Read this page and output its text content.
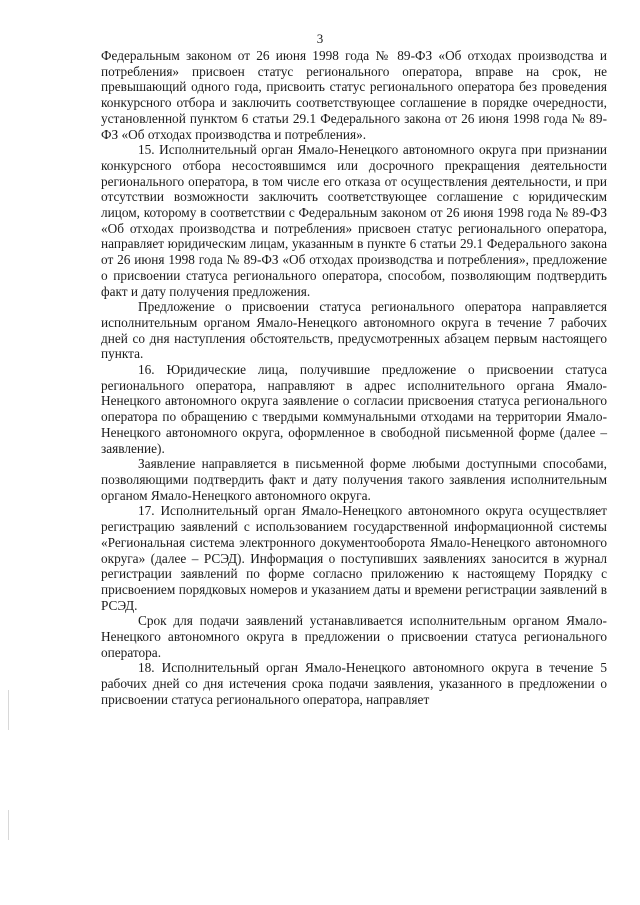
3

Федеральным законом от 26 июня 1998 года № 89-ФЗ «Об отходах производства и потребления» присвоен статус регионального оператора, вправе на срок, не превышающий одного года, присвоить статус регионального оператора без проведения конкурсного отбора и заключить соответствующее соглашение в порядке очередности, установленной пунктом 6 статьи 29.1 Федерального закона от 26 июня 1998 года № 89-ФЗ «Об отходах производства и потребления».

15. Исполнительный орган Ямало-Ненецкого автономного округа при признании конкурсного отбора несостоявшимся или досрочного прекращения деятельности регионального оператора, в том числе его отказа от осуществления деятельности, и при отсутствии возможности заключить соответствующее соглашение с юридическим лицом, которому в соответствии с Федеральным законом от 26 июня 1998 года № 89-ФЗ «Об отходах производства и потребления» присвоен статус регионального оператора, направляет юридическим лицам, указанным в пункте 6 статьи 29.1 Федерального закона от 26 июня 1998 года № 89-ФЗ «Об отходах производства и потребления», предложение о присвоении статуса регионального оператора, способом, позволяющим подтвердить факт и дату получения предложения.

Предложение о присвоении статуса регионального оператора направляется исполнительным органом Ямало-Ненецкого автономного округа в течение 7 рабочих дней со дня наступления обстоятельств, предусмотренных абзацем первым настоящего пункта.

16. Юридические лица, получившие предложение о присвоении статуса регионального оператора, направляют в адрес исполнительного органа Ямало-Ненецкого автономного округа заявление о согласии присвоения статуса регионального оператора по обращению с твердыми коммунальными отходами на территории Ямало-Ненецкого автономного округа, оформленное в свободной письменной форме (далее – заявление).

Заявление направляется в письменной форме любыми доступными способами, позволяющими подтвердить факт и дату получения такого заявления исполнительным органом Ямало-Ненецкого автономного округа.

17. Исполнительный орган Ямало-Ненецкого автономного округа осуществляет регистрацию заявлений с использованием государственной информационной системы «Региональная система электронного документооборота Ямало-Ненецкого автономного округа» (далее – РСЭД). Информация о поступивших заявлениях заносится в журнал регистрации заявлений по форме согласно приложению к настоящему Порядку с присвоением порядковых номеров и указанием даты и времени регистрации заявлений в РСЭД.

Срок для подачи заявлений устанавливается исполнительным органом Ямало-Ненецкого автономного округа в предложении о присвоении статуса регионального оператора.

18. Исполнительный орган Ямало-Ненецкого автономного округа в течение 5 рабочих дней со дня истечения срока подачи заявления, указанного в предложении о присвоении статуса регионального оператора, направляет
